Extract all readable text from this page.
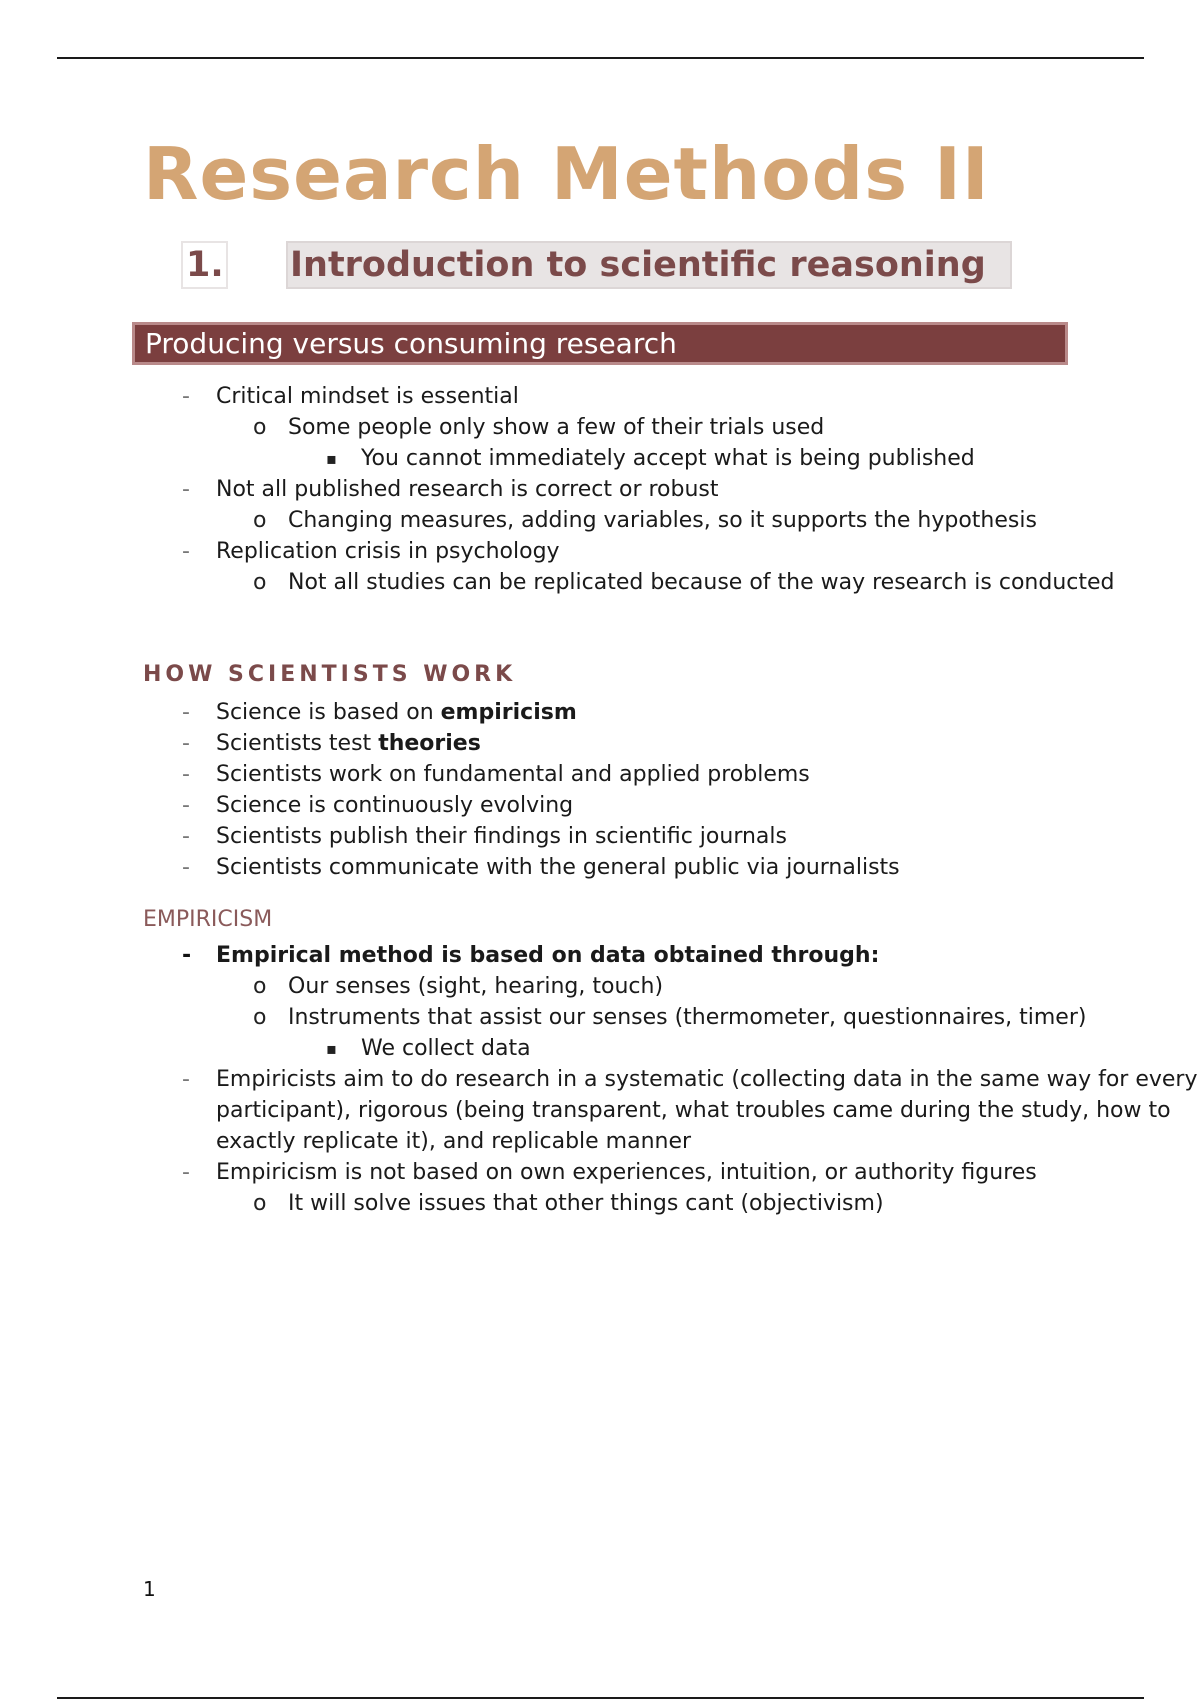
Research Methods II
1. Introduction to scientific reasoning
Producing versus consuming research
- Critical mindset is essential
o Some people only show a few of their trials used
▪ You cannot immediately accept what is being published
- Not all published research is correct or robust
o Changing measures, adding variables, so it supports the hypothesis
- Replication crisis in psychology
o Not all studies can be replicated because of the way research is conducted
HOW SCIENTISTS WORK
- Science is based on empiricism
- Scientists test theories
- Scientists work on fundamental and applied problems
- Science is continuously evolving
- Scientists publish their findings in scientific journals
- Scientists communicate with the general public via journalists
EMPIRICISM
- Empirical method is based on data obtained through:
o Our senses (sight, hearing, touch)
o Instruments that assist our senses (thermometer, questionnaires, timer)
▪ We collect data
- Empiricists aim to do research in a systematic (collecting data in the same way for every participant), rigorous (being transparent, what troubles came during the study, how to exactly replicate it), and replicable manner
- Empiricism is not based on own experiences, intuition, or authority figures
o It will solve issues that other things cant (objectivism)
1
